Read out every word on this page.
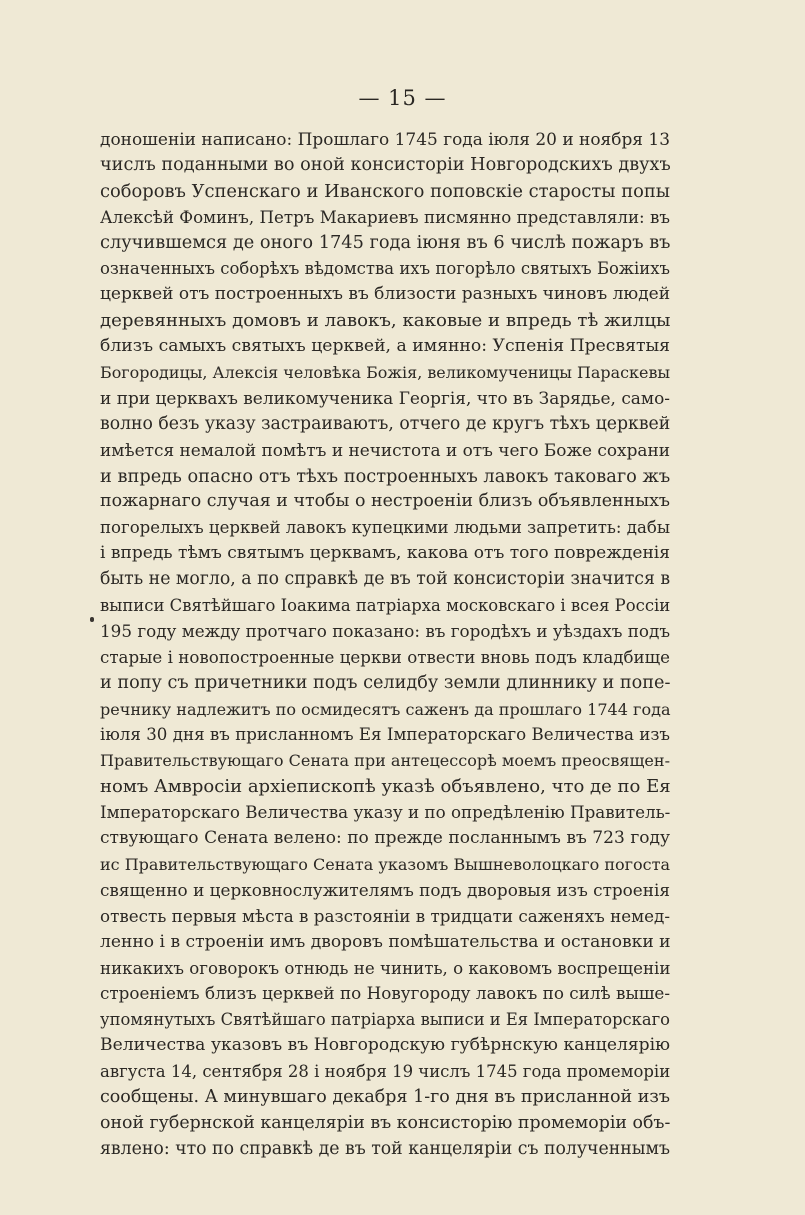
— 15 —
доношеніи написано: Прошлаго 1745 года іюля 20 и ноября 13
числъ поданными во оной консисторіи Новгородскихъ двухъ
соборовъ Успенскаго и Иванского поповскіе старосты попы
Алексѣй Фоминъ, Петръ Макариевъ писмянно представляли: въ
случившемся де оного 1745 года іюня въ 6 числѣ пожаръ въ
означенныхъ соборѣхъ вѣдомства ихъ погорѣло святыхъ Божіихъ
церквей отъ построенныхъ въ близости разныхъ чиновъ людей
деревянныхъ домовъ и лавокъ, каковые и впредь тѣ жилцы
близъ самыхъ святыхъ церквей, а имянно: Успенія Пресвятыя
Богородицы, Алексія человѣка Божія, великомученицы Параскевы
и при церквахъ великомученика Георгія, что въ Зарядье, само-
волно безъ указу застраиваютъ, отчего де кругъ тѣхъ церквей
имѣется немалой помѣтъ и нечистота и отъ чего Боже сохрани
и впредь опасно отъ тѣхъ построенныхъ лавокъ таковаго жъ
пожарнаго случая и чтобы о нестроеніи близъ объявленныхъ
погорелыхъ церквей лавокъ купецкими людьми запретить: дабы
і впредь тѣмъ святымъ церквамъ, какова отъ того поврежденія
быть не могло, а по справкѣ де въ той консисторіи значится в
выписи Святѣйшаго Іоакима патріарха московскаго і всея Россіи
195 году между протчаго показано: въ городѣхъ и уѣздахъ подъ
старые і новопостроенные церкви отвести вновь подъ кладбище
и попу съ причетники подъ селидбу земли длиннику и попе-
речнику надлежитъ по осмидесятъ саженъ да прошлаго 1744 года
іюля 30 дня въ присланномъ Ея Імператорскаго Величества изъ
Правительствующаго Сената при антецессорѣ моемъ преосвящен-
номъ Амвросіи архіепископѣ указѣ объявлено, что де по Ея
Імператорскаго Величества указу и по опредѣленію Правитель-
ствующаго Сената велено: по прежде посланнымъ въ 723 году
ис Правительствующаго Сената указомъ Вышневолоцкаго погоста
священно и церковнослужителямъ подъ дворовыя изъ строенія
отвесть первыя мѣста в разстояніи в тридцати саженяхъ немед-
ленно і в строеніи имъ дворовъ помѣшательства и остановки и
никакихъ оговорокъ отнюдь не чинить, о каковомъ воспрещеніи
строеніемъ близъ церквей по Новугороду лавокъ по силѣ выше-
упомянутыхъ Святѣйшаго патріарха выписи и Ея Імператорскаго
Величества указовъ въ Новгородскую губѣрнскую канцелярію
августа 14, сентября 28 і ноября 19 числъ 1745 года промеморіи
сообщены. А минувшаго декабря 1-го дня въ присланной изъ
оной губернской канцеляріи въ консисторію промеморіи объ-
явлено: что по справкѣ де въ той канцеляріи съ полученнымъ
